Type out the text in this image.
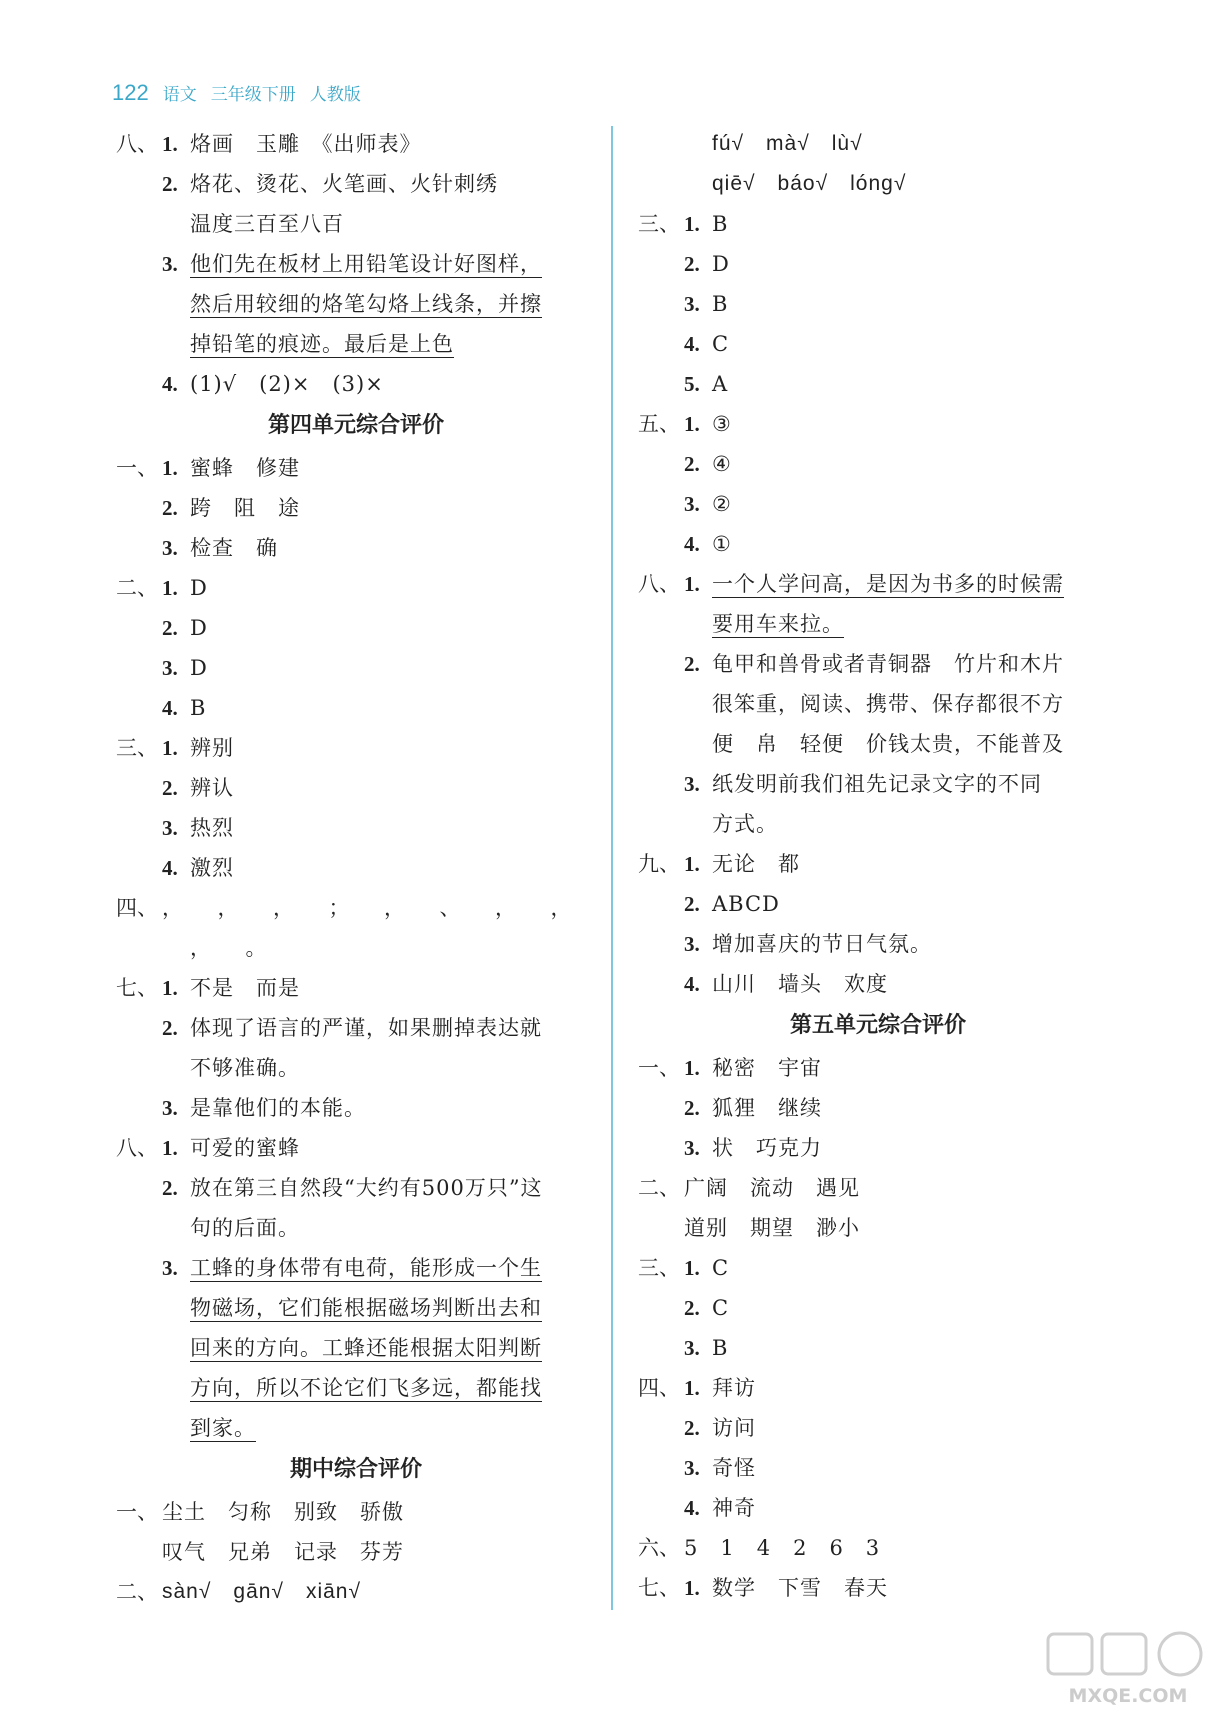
122 语文 三年级下册 人教版
八、 1. 烙画　玉雕　《出师表》
2. 烙花、烫花、火笔画、火针刺绣
温度三百至八百
3. 他们先在板材上用铅笔设计好图样，
然后用较细的烙笔勾烙上线条，并擦
掉铅笔的痕迹。最后是上色
4. (1)√　(2)×　(3)×
第四单元综合评价
一、 1. 蜜蜂　修建
2. 跨　阻　途
3. 检查　确
二、 1. D
2. D
3. D
4. B
三、 1. 辨别
2. 辨认
3. 热烈
4. 激烈
四、 ，　　，　　，　　；　　，　　、　　，　　，
，　　。
七、 1. 不是　而是
2. 体现了语言的严谨，如果删掉表达就
不够准确。
3. 是靠他们的本能。
八、 1. 可爱的蜜蜂
2. 放在第三自然段“大约有500万只”这
句的后面。
3. 工蜂的身体带有电荷，能形成一个生
物磁场，它们能根据磁场判断出去和
回来的方向。工蜂还能根据太阳判断
方向，所以不论它们飞多远，都能找
到家。
期中综合评价
一、 尘土　匀称　别致　骄傲
叹气　兄弟　记录　芬芳
二、 sàn√　gān√　xiān√
fú√　mà√　lù√
qiē√　báo√　lóng√
三、 1. B
2. D
3. B
4. C
5. A
五、 1. ③
2. ④
3. ②
4. ①
八、 1. 一个人学问高，是因为书多的时候需
要用车来拉。
2. 龟甲和兽骨或者青铜器　竹片和木片
很笨重，阅读、携带、保存都很不方
便　帛　轻便　价钱太贵，不能普及
3. 纸发明前我们祖先记录文字的不同
方式。
九、 1. 无论　都
2. ABCD
3. 增加喜庆的节日气氛。
4. 山川　墙头　欢度
第五单元综合评价
一、 1. 秘密　宇宙
2. 狐狸　继续
3. 状　巧克力
二、 广阔　流动　遇见
道别　期望　渺小
三、 1. C
2. C
3. B
四、 1. 拜访
2. 访问
3. 奇怪
4. 神奇
六、 5　1　4　2　6　3
七、 1. 数学　下雪　春天
MXQE.COM
